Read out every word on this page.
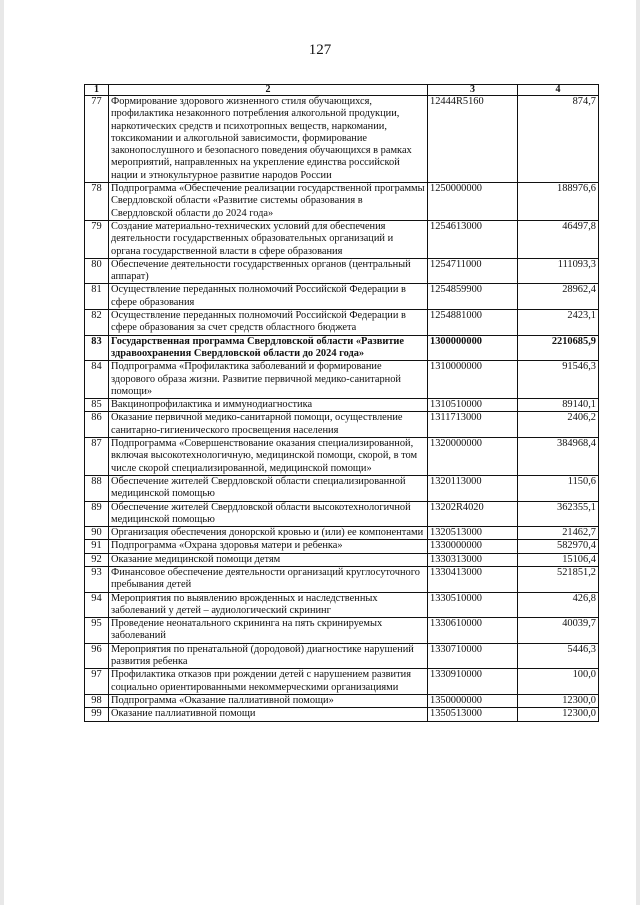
127
1	2	3	4
77	Формирование здорового жизненного стиля обучающихся, профилактика незаконного потребления алкогольной продукции, наркотических средств и психотропных веществ, наркомании, токсикомании и алкогольной зависимости, формирование законопослушного и безопасного поведения обучающихся в рамках мероприятий, направленных на укрепление единства российской нации и этнокультурное развитие народов России	12444R5160	874,7
78	Подпрограмма «Обеспечение реализации государственной программы Свердловской области «Развитие системы образования в Свердловской области до 2024 года»	1250000000	188976,6
79	Создание материально-технических условий для обеспечения деятельности государственных образовательных организаций и органа государственной власти в сфере образования	1254613000	46497,8
80	Обеспечение деятельности государственных органов (центральный аппарат)	1254711000	111093,3
81	Осуществление переданных полномочий Российской Федерации в сфере образования	1254859900	28962,4
82	Осуществление переданных полномочий Российской Федерации в сфере образования за счет средств областного бюджета	1254881000	2423,1
83	Государственная программа Свердловской области «Развитие здравоохранения Свердловской области до 2024 года»	1300000000	2210685,9
84	Подпрограмма «Профилактика заболеваний и формирование здорового образа жизни. Развитие первичной медико-санитарной помощи»	1310000000	91546,3
85	Вакцинопрофилактика и иммунодиагностика	1310510000	89140,1
86	Оказание первичной медико-санитарной помощи, осуществление санитарно-гигиенического просвещения населения	1311713000	2406,2
87	Подпрограмма «Совершенствование оказания специализированной, включая высокотехнологичную, медицинской помощи, скорой, в том числе скорой специализированной, медицинской помощи»	1320000000	384968,4
88	Обеспечение жителей Свердловской области специализированной медицинской помощью	1320113000	1150,6
89	Обеспечение жителей Свердловской области высокотехнологичной медицинской помощью	13202R4020	362355,1
90	Организация обеспечения донорской кровью и (или) ее компонентами	1320513000	21462,7
91	Подпрограмма «Охрана здоровья матери и ребенка»	1330000000	582970,4
92	Оказание медицинской помощи детям	1330313000	15106,4
93	Финансовое обеспечение деятельности организаций круглосуточного пребывания детей	1330413000	521851,2
94	Мероприятия по выявлению врожденных и наследственных заболеваний у детей – аудиологический скрининг	1330510000	426,8
95	Проведение неонатального скрининга на пять скринируемых заболеваний	1330610000	40039,7
96	Мероприятия по пренатальной (дородовой) диагностике нарушений развития ребенка	1330710000	5446,3
97	Профилактика отказов при рождении детей с нарушением развития социально ориентированными некоммерческими организациями	1330910000	100,0
98	Подпрограмма «Оказание паллиативной помощи»	1350000000	12300,0
99	Оказание паллиативной помощи	1350513000	12300,0
